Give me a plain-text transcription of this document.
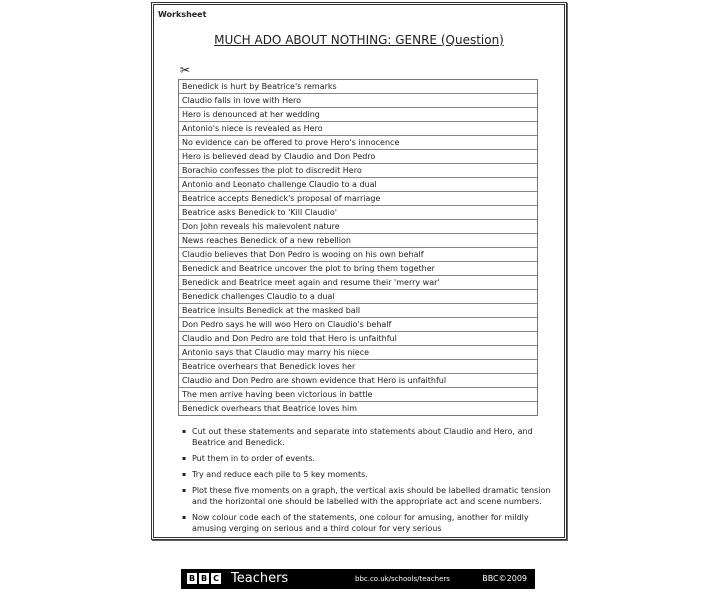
Worksheet
MUCH ADO ABOUT NOTHING: GENRE (Question)
✂
Benedick is hurt by Beatrice's remarks
Claudio falls in love with Hero
Hero is denounced at her wedding
Antonio's niece is revealed as Hero
No evidence can be offered to prove Hero's innocence
Hero is believed dead by Claudio and Don Pedro
Borachio confesses the plot to discredit Hero
Antonio and Leonato challenge Claudio to a dual
Beatrice accepts Benedick's proposal of marriage
Beatrice asks Benedick to 'Kill Claudio'
Don John reveals his malevolent nature
News reaches Benedick of a new rebellion
Claudio believes that Don Pedro is wooing on his own behalf
Benedick and Beatrice uncover the plot to bring them together
Benedick and Beatrice meet again and resume their 'merry war'
Benedick challenges Claudio to a dual
Beatrice insults Benedick at the masked ball
Don Pedro says he will woo Hero on Claudio's behalf
Claudio and Don Pedro are told that Hero is unfaithful
Antonio says that Claudio may marry his niece
Beatrice overhears that Benedick loves her
Claudio and Don Pedro are shown evidence that Hero is unfaithful
The men arrive having been victorious in battle
Benedick overhears that Beatrice loves him
▪ Cut out these statements and separate into statements about Claudio and Hero, and Beatrice and Benedick.
▪ Put them in to order of events.
▪ Try and reduce each pile to 5 key moments.
▪ Plot these five moments on a graph, the vertical axis should be labelled dramatic tension and the horizontal one should be labelled with the appropriate act and scene numbers.
▪ Now colour code each of the statements, one colour for amusing, another for mildly amusing verging on serious and a third colour for very serious
B B C Teachers	bbc.co.uk/schools/teachers	BBC©2009
